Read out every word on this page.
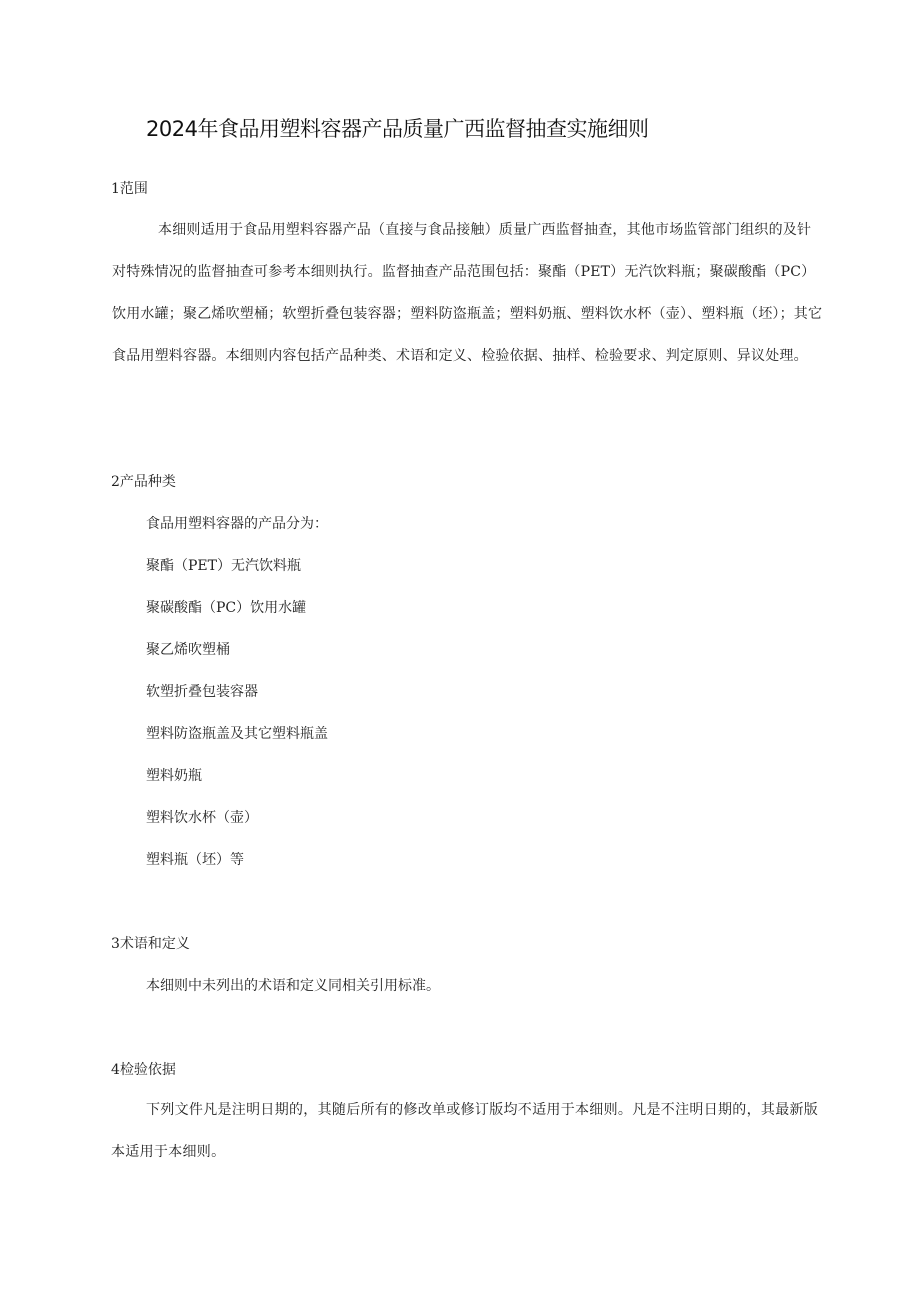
2024年食品用塑料容器产品质量广西监督抽查实施细则
1范围
本细则适用于食品用塑料容器产品（直接与食品接触）质量广西监督抽查，其他市场监管部门组织的及针对特殊情况的监督抽查可参考本细则执行。监督抽查产品范围包括：聚酯（PET）无汽饮料瓶；聚碳酸酯（PC）饮用水罐；聚乙烯吹塑桶；软塑折叠包装容器；塑料防盗瓶盖；塑料奶瓶、塑料饮水杯（壶）、塑料瓶（坯）；其它食品用塑料容器。本细则内容包括产品种类、术语和定义、检验依据、抽样、检验要求、判定原则、异议处理。
2产品种类
食品用塑料容器的产品分为：
聚酯（PET）无汽饮料瓶
聚碳酸酯（PC）饮用水罐
聚乙烯吹塑桶
软塑折叠包装容器
塑料防盗瓶盖及其它塑料瓶盖
塑料奶瓶
塑料饮水杯（壶）
塑料瓶（坯）等
3术语和定义
本细则中未列出的术语和定义同相关引用标准。
4检验依据
下列文件凡是注明日期的，其随后所有的修改单或修订版均不适用于本细则。凡是不注明日期的，其最新版本适用于本细则。
